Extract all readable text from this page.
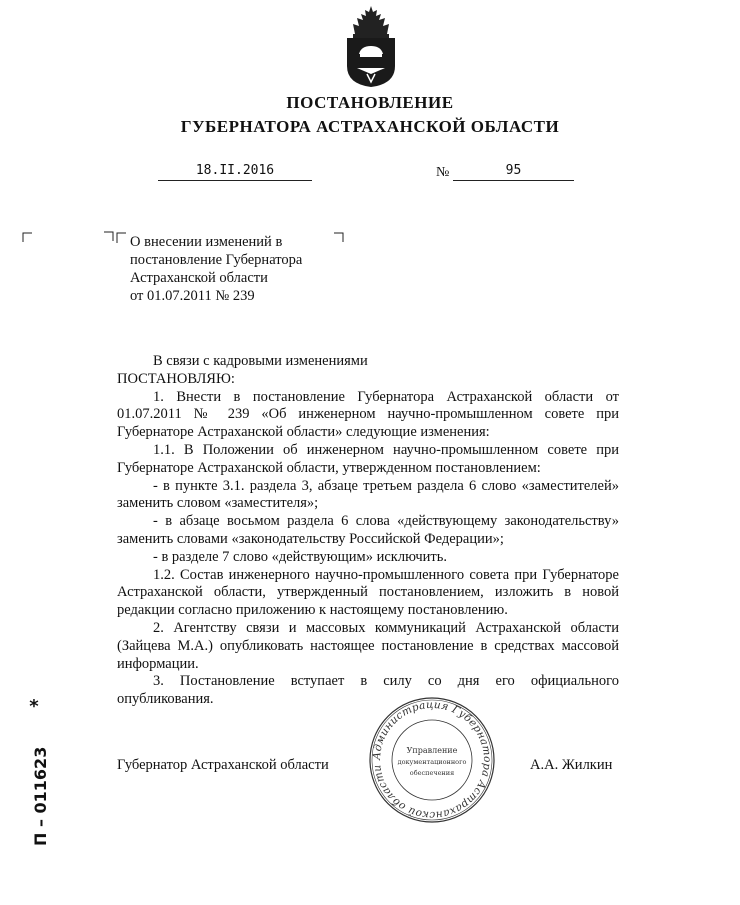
ПОСТАНОВЛЕНИЕ
ГУБЕРНАТОРА АСТРАХАНСКОЙ ОБЛАСТИ
18.II.2016	№	95
О внесении изменений в
постановление Губернатора
Астраханской области
от 01.07.2011 № 239

В связи с кадровыми изменениями

ПОСТАНОВЛЯЮ:

1. Внести в постановление Губернатора Астраханской области от 01.07.2011 № 239 «Об инженерном научно-промышленном совете при Губернаторе Астраханской области» следующие изменения:

1.1. В Положении об инженерном научно-промышленном совете при Губернаторе Астраханской области, утвержденном постановлением:

- в пункте 3.1. раздела 3, абзаце третьем раздела 6 слово «заместителей» заменить словом «заместителя»;

- в абзаце восьмом раздела 6 слова «действующему законодательству» заменить словами «законодательству Российской Федерации»;

- в разделе 7 слово «действующим» исключить.

1.2. Состав инженерного научно-промышленного совета при Губернаторе Астраханской области, утвержденный постановлением, изложить в новой редакции согласно приложению к настоящему постановлению.

2. Агентству связи и массовых коммуникаций Астраханской области (Зайцева М.А.) опубликовать настоящее постановление в средствах массовой информации.

3. Постановление вступает в силу со дня его официального опубликования.

Губернатор Астраханской области	А.А. Жилкин
Администрация Губернатора Астраханской области
Управление
документационного
обеспечения
*
П – 011623
